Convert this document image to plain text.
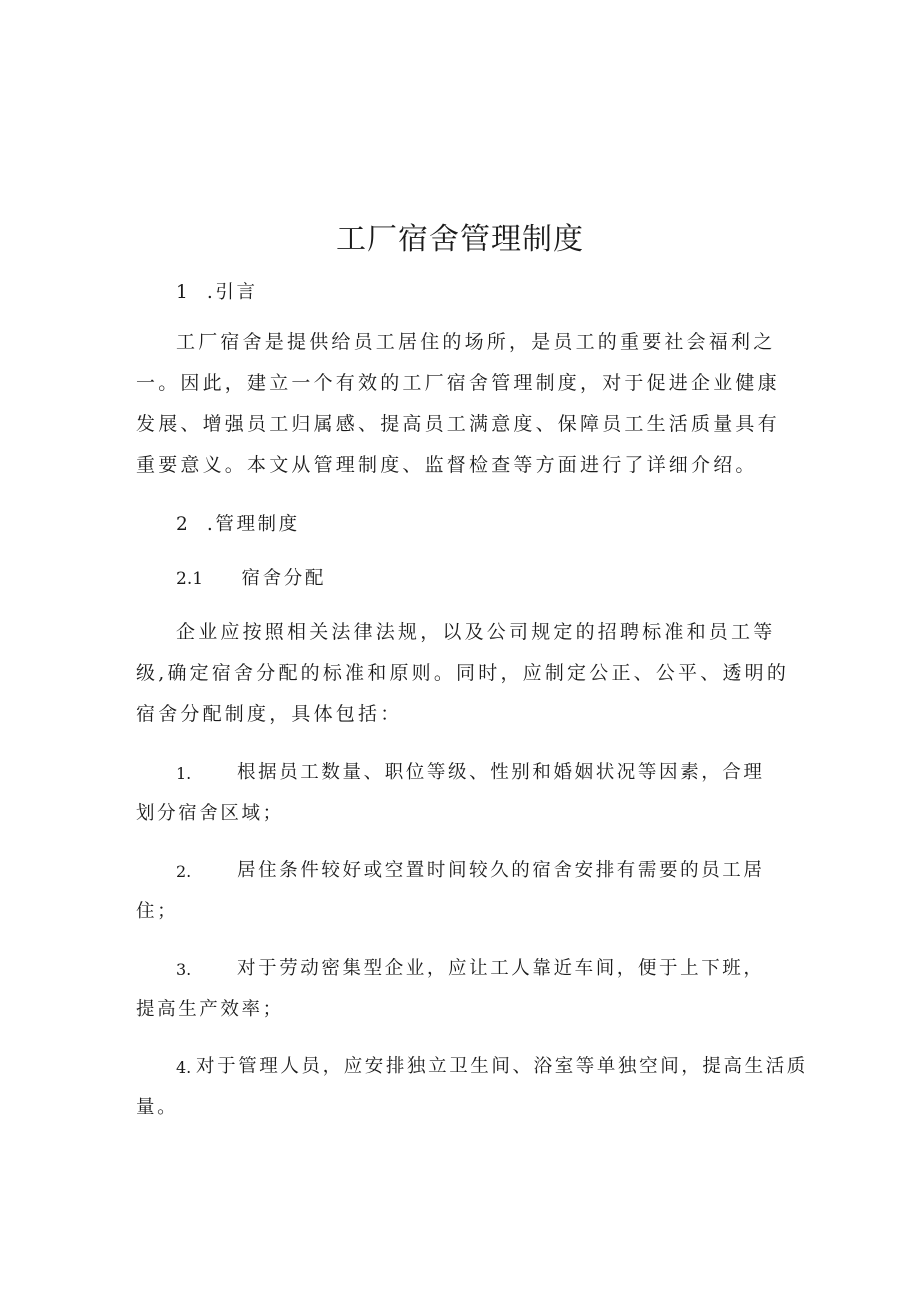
工厂宿舍管理制度
1 .引言

工厂宿舍是提供给员工居住的场所，是员工的重要社会福利之一。因此，建立一个有效的工厂宿舍管理制度，对于促进企业健康发展、增强员工归属感、提高员工满意度、保障员工生活质量具有重要意义。本文从管理制度、监督检查等方面进行了详细介绍。

2 .管理制度
2.1 宿舍分配

企业应按照相关法律法规，以及公司规定的招聘标准和员工等级,确定宿舍分配的标准和原则。同时，应制定公正、公平、透明的宿舍分配制度，具体包括：

1. 根据员工数量、职位等级、性别和婚姻状况等因素，合理
划分宿舍区域；
2. 居住条件较好或空置时间较久的宿舍安排有需要的员工居
住；
3. 对于劳动密集型企业，应让工人靠近车间，便于上下班，
提高生产效率；
4. 对于管理人员，应安排独立卫生间、浴室等单独空间，提高生活质
量。
